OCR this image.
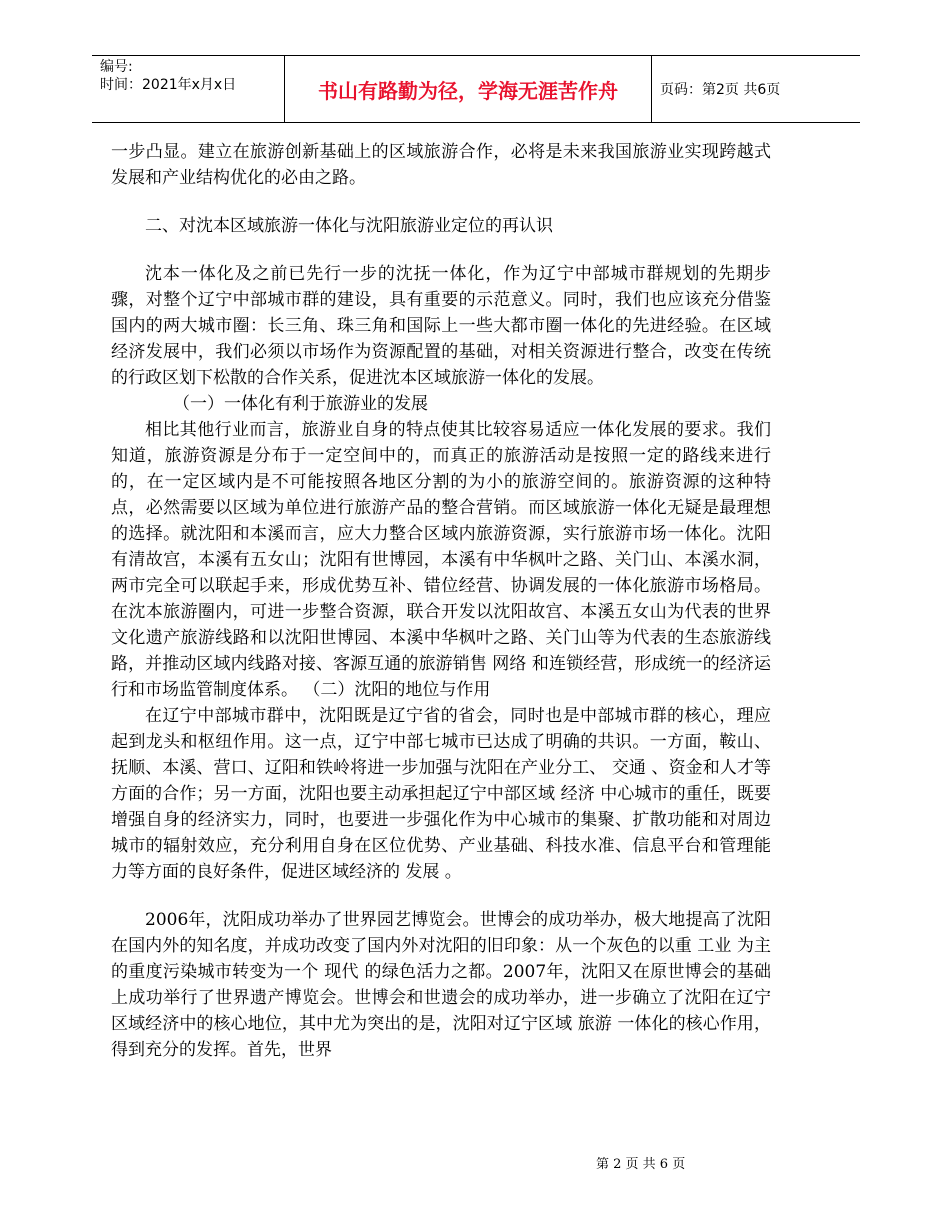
编号:
时间：2021年x月x日	书山有路勤为径，学海无涯苦作舟	页码：第2页 共6页

一步凸显。建立在旅游创新基础上的区域旅游合作，必将是未来我国旅游业实现跨越式发展和产业结构优化的必由之路。

二、对沈本区域旅游一体化与沈阳旅游业定位的再认识

沈本一体化及之前已先行一步的沈抚一体化，作为辽宁中部城市群规划的先期步骤，对整个辽宁中部城市群的建设，具有重要的示范意义。同时，我们也应该充分借鉴国内的两大城市圈：长三角、珠三角和国际上一些大都市圈一体化的先进经验。在区域经济发展中，我们必须以市场作为资源配置的基础，对相关资源进行整合，改变在传统的行政区划下松散的合作关系，促进沈本区域旅游一体化的发展。

（一）一体化有利于旅游业的发展

相比其他行业而言，旅游业自身的特点使其比较容易适应一体化发展的要求。我们知道，旅游资源是分布于一定空间中的，而真正的旅游活动是按照一定的路线来进行的，在一定区域内是不可能按照各地区分割的为小的旅游空间的。旅游资源的这种特点，必然需要以区域为单位进行旅游产品的整合营销。而区域旅游一体化无疑是最理想的选择。就沈阳和本溪而言，应大力整合区域内旅游资源，实行旅游市场一体化。沈阳有清故宫，本溪有五女山；沈阳有世博园，本溪有中华枫叶之路、关门山、本溪水洞，两市完全可以联起手来，形成优势互补、错位经营、协调发展的一体化旅游市场格局。在沈本旅游圈内，可进一步整合资源，联合开发以沈阳故宫、本溪五女山为代表的世界文化遗产旅游线路和以沈阳世博园、本溪中华枫叶之路、关门山等为代表的生态旅游线路，并推动区域内线路对接、客源互通的旅游销售 网络 和连锁经营，形成统一的经济运行和市场监管制度体系。 （二）沈阳的地位与作用

在辽宁中部城市群中，沈阳既是辽宁省的省会，同时也是中部城市群的核心，理应起到龙头和枢纽作用。这一点，辽宁中部七城市已达成了明确的共识。一方面，鞍山、抚顺、本溪、营口、辽阳和铁岭将进一步加强与沈阳在产业分工、 交通 、资金和人才等方面的合作；另一方面，沈阳也要主动承担起辽宁中部区域 经济 中心城市的重任，既要增强自身的经济实力，同时，也要进一步强化作为中心城市的集聚、扩散功能和对周边城市的辐射效应，充分利用自身在区位优势、产业基础、科技水准、信息平台和管理能力等方面的良好条件，促进区域经济的 发展 。

2006年，沈阳成功举办了世界园艺博览会。世博会的成功举办，极大地提高了沈阳在国内外的知名度，并成功改变了国内外对沈阳的旧印象：从一个灰色的以重 工业 为主的重度污染城市转变为一个 现代 的绿色活力之都。2007年，沈阳又在原世博会的基础上成功举行了世界遗产博览会。世博会和世遗会的成功举办，进一步确立了沈阳在辽宁区域经济中的核心地位，其中尤为突出的是，沈阳对辽宁区域 旅游 一体化的核心作用，得到充分的发挥。首先，世界

第 2 页 共 6 页
